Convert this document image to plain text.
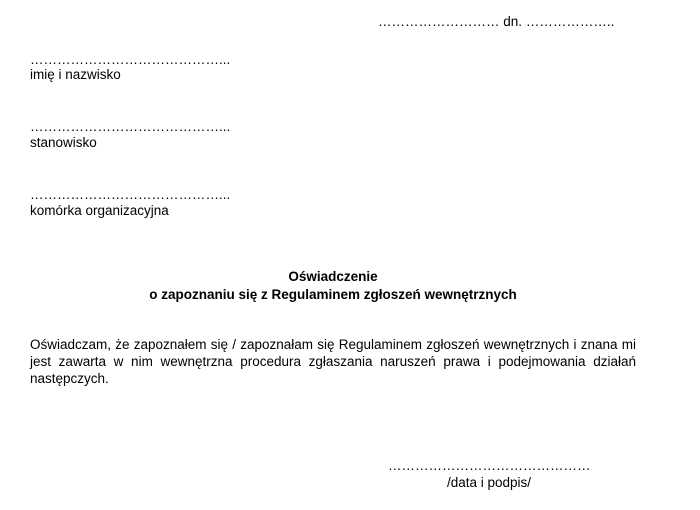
……………………… dn. ………………..
……………………………………...
imię i nazwisko
……………………………………...
stanowisko
……………………………………...
komórka organizacyjna
Oświadczenie
o zapoznaniu się z Regulaminem zgłoszeń wewnętrznych
Oświadczam, że zapoznałem się / zapoznałam się Regulaminem zgłoszeń wewnętrznych i znana mi jest zawarta w nim wewnętrzna procedura zgłaszania naruszeń prawa i podejmowania działań następczych.
………………………………………
/data i podpis/
